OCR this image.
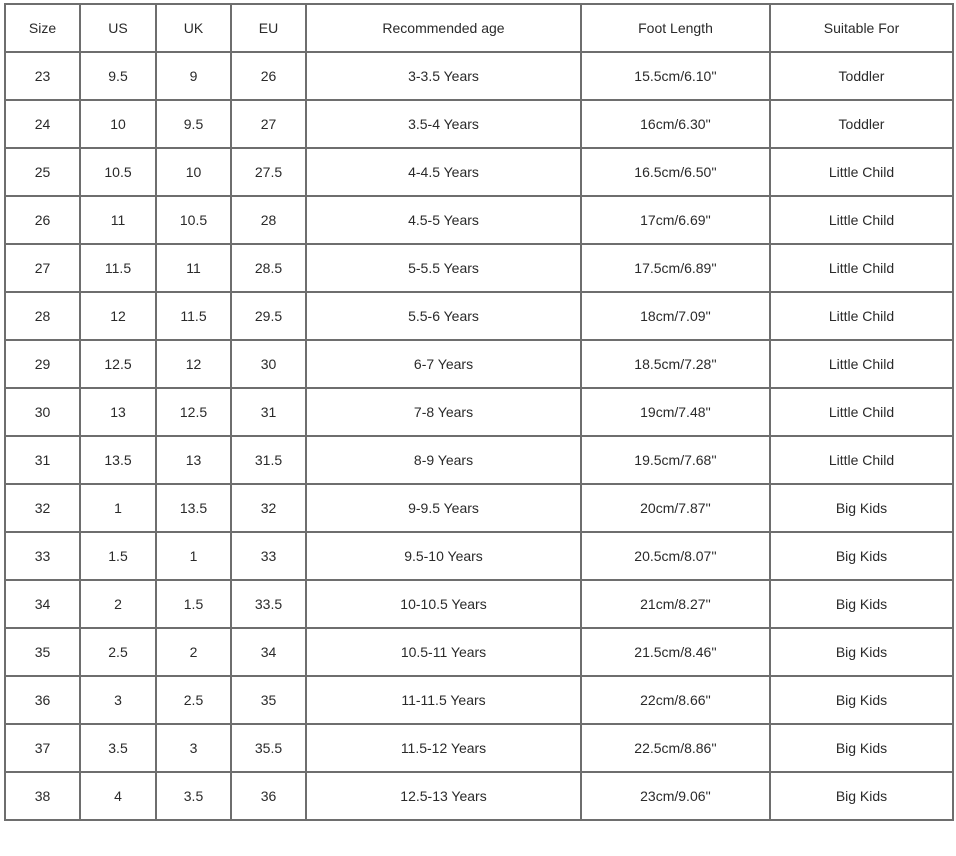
Size	US	UK	EU	Recommended age	Foot Length	Suitable For
23	9.5	9	26	3-3.5 Years	15.5cm/6.10''	Toddler
24	10	9.5	27	3.5-4 Years	16cm/6.30''	Toddler
25	10.5	10	27.5	4-4.5 Years	16.5cm/6.50''	Little Child
26	11	10.5	28	4.5-5 Years	17cm/6.69''	Little Child
27	11.5	11	28.5	5-5.5 Years	17.5cm/6.89''	Little Child
28	12	11.5	29.5	5.5-6 Years	18cm/7.09''	Little Child
29	12.5	12	30	6-7 Years	18.5cm/7.28''	Little Child
30	13	12.5	31	7-8 Years	19cm/7.48''	Little Child
31	13.5	13	31.5	8-9 Years	19.5cm/7.68''	Little Child
32	1	13.5	32	9-9.5 Years	20cm/7.87''	Big Kids
33	1.5	1	33	9.5-10 Years	20.5cm/8.07''	Big Kids
34	2	1.5	33.5	10-10.5 Years	21cm/8.27''	Big Kids
35	2.5	2	34	10.5-11 Years	21.5cm/8.46''	Big Kids
36	3	2.5	35	11-11.5 Years	22cm/8.66''	Big Kids
37	3.5	3	35.5	11.5-12 Years	22.5cm/8.86''	Big Kids
38	4	3.5	36	12.5-13 Years	23cm/9.06''	Big Kids
